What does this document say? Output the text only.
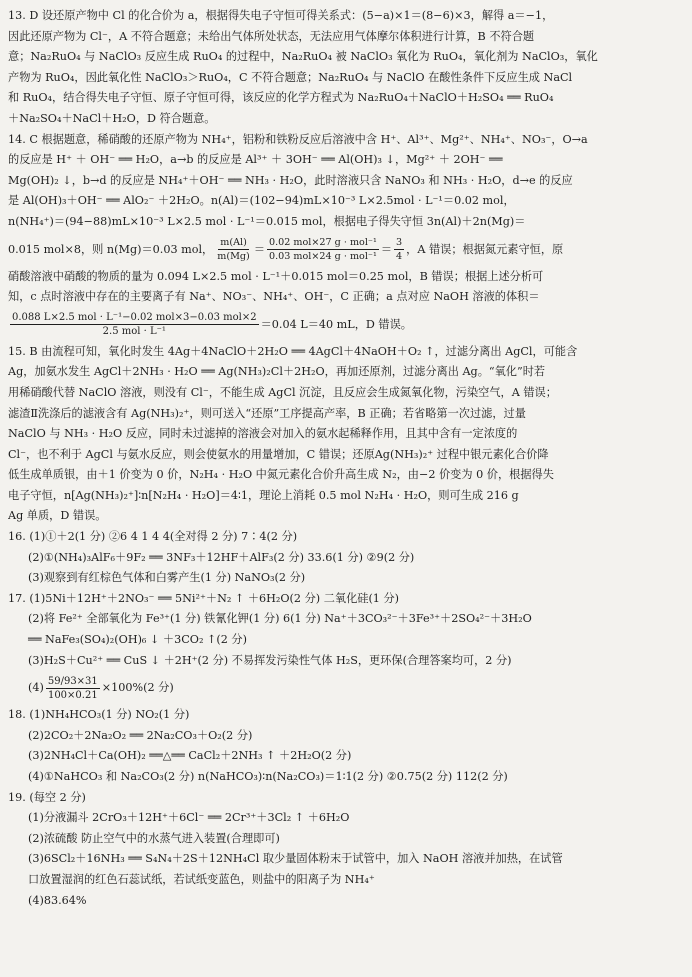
13. D 设还原产物中 Cl 的化合价为 a，根据得失电子守恒可得关系式：(5−a)×1＝(8−6)×3，解得 a＝−1，
因此还原产物为 Cl⁻，A 不符合题意；未给出气体所处状态，无法应用气体摩尔体积进行计算，B 不符合题
意；Na₂RuO₄ 与 NaClO₃ 反应生成 RuO₄ 的过程中，Na₂RuO₄ 被 NaClO₃ 氧化为 RuO₄，氧化剂为 NaClO₃，氧化
产物为 RuO₄，因此氧化性 NaClO₃＞RuO₄，C 不符合题意；Na₂RuO₄ 与 NaClO 在酸性条件下反应生成 NaCl
和 RuO₄，结合得失电子守恒、原子守恒可得，该反应的化学方程式为 Na₂RuO₄＋NaClO＋H₂SO₄ ══ RuO₄
＋Na₂SO₄＋NaCl＋H₂O，D 符合题意。
14. C 根据题意，稀硝酸的还原产物为 NH₄⁺，铝粉和铁粉反应后溶液中含 H⁺、Al³⁺、Mg²⁺、NH₄⁺、NO₃⁻，O→a
的反应是 H⁺ ＋ OH⁻ ══ H₂O，a→b 的反应是 Al³⁺ ＋ 3OH⁻ ══ Al(OH)₃ ↓，Mg²⁺ ＋ 2OH⁻ ══
Mg(OH)₂ ↓，b→d 的反应是 NH₄⁺＋OH⁻ ══ NH₃ · H₂O，此时溶液只含 NaNO₃ 和 NH₃ · H₂O，d→e 的反应
是 Al(OH)₃＋OH⁻ ══ AlO₂⁻ ＋2H₂O。n(Al)＝(102−94)mL×10⁻³ L×2.5mol · L⁻¹＝0.02 mol，
n(NH₄⁺)＝(94−88)mL×10⁻³ L×2.5 mol · L⁻¹＝0.015 mol，根据电子得失守恒 3n(Al)＋2n(Mg)＝
0.015 mol×8，则 n(Mg)＝0.03 mol， $\frac{m(Al)}{m(Mg)} = \frac{\text{0.02 mol×27 g · mol⁻¹}}{\text{0.03 mol×24 g · mol⁻¹}} = \frac{3}{4}$ ，A 错误；根据氮元素守恒，原
硝酸溶液中硝酸的物质的量为 0.094 L×2.5 mol · L⁻¹＋0.015 mol＝0.25 mol，B 错误；根据上述分析可
知，c 点时溶液中存在的主要离子有 Na⁺、NO₃⁻、NH₄⁺、OH⁻，C 正确；a 点对应 NaOH 溶液的体积＝
$\frac{\text{0.088 L×2.5 mol · L⁻¹−0.02 mol×3−0.03 mol×2}}{\text{2.5 mol · L⁻¹}} =0.04$ L＝40 mL，D 错误。
15. B 由流程可知，氧化时发生 4Ag＋4NaClO＋2H₂O ══ 4AgCl＋4NaOH＋O₂ ↑，过滤分离出 AgCl，可能含
Ag，加氨水发生 AgCl＋2NH₃ · H₂O ══ Ag(NH₃)₂Cl＋2H₂O，再加还原剂，过滤分离出 Ag。“氧化”时若
用稀硝酸代替 NaClO 溶液，则没有 Cl⁻，不能生成 AgCl 沉淀，且反应会生成氮氧化物，污染空气，A 错误；
滤渣Ⅱ洗涤后的滤液含有 Ag(NH₃)₂⁺，则可送入“还原”工序提高产率，B 正确；若省略第一次过滤，过量
NaClO 与 NH₃ · H₂O 反应，同时未过滤掉的溶液会对加入的氨水起稀释作用，且其中含有一定浓度的
Cl⁻，也不利于 AgCl 与氨水反应，则会使氨水的用量增加，C 错误；还原Ag(NH₃)₂⁺ 过程中银元素化合价降
低生成单质银，由＋1 价变为 0 价，N₂H₄ · H₂O 中氮元素化合价升高生成 N₂，由−2 价变为 0 价，根据得失
电子守恒，n[Ag(NH₃)₂⁺]∶n[N₂H₄ · H₂O]＝4∶1，理论上消耗 0.5 mol N₂H₄ · H₂O，则可生成 216 g
Ag 单质，D 错误。
16. (1)①＋2(1 分) ②6 4 1 4 4(全对得 2 分) 7∶4(2 分)
(2)①(NH₄)₃AlF₆＋9F₂ ══ 3NF₃＋12HF＋AlF₃(2 分) 33.6(1 分) ②9(2 分)
(3)观察到有红棕色气体和白雾产生(1 分) NaNO₃(2 分)
17. (1)5Ni＋12H⁺＋2NO₃⁻ ══ 5Ni²⁺＋N₂ ↑ ＋6H₂O(2 分) 二氧化硅(1 分)
(2)将 Fe²⁺ 全部氧化为 Fe³⁺(1 分) 铁氰化钾(1 分) 6(1 分) Na⁺＋3CO₃²⁻＋3Fe³⁺＋2SO₄²⁻＋3H₂O
══ NaFe₃(SO₄)₂(OH)₆ ↓ ＋3CO₂ ↑(2 分)
(3)H₂S＋Cu²⁺ ══ CuS ↓ ＋2H⁺(2 分) 不易挥发污染性气体 H₂S，更环保(合理答案均可，2 分)
$(4) \frac{59/93\times 31}{100\times 0.21} \times 100\%(2$ 分)
18. (1)NH₄HCO₃(1 分) NO₂(1 分)
(2)2CO₂＋2Na₂O₂ ══ 2Na₂CO₃＋O₂(2 分)
(3)2NH₄Cl＋Ca(OH)₂ ══△══ CaCl₂＋2NH₃ ↑ ＋2H₂O(2 分)
(4)①NaHCO₃ 和 Na₂CO₃(2 分) n(NaHCO₃)∶n(Na₂CO₃)＝1∶1(2 分) ②0.75(2 分) 112(2 分)
19. (每空 2 分)
(1)分液漏斗 2CrO₃＋12H⁺＋6Cl⁻ ══ 2Cr³⁺＋3Cl₂ ↑ ＋6H₂O
(2)浓硫酸 防止空气中的水蒸气进入装置(合理即可)
(3)6SCl₂＋16NH₃ ══ S₄N₄＋2S＋12NH₄Cl 取少量固体粉末于试管中，加入 NaOH 溶液并加热，在试管
口放置湿润的红色石蕊试纸，若试纸变蓝色，则盐中的阳离子为 NH₄⁺
(4)83.64%
